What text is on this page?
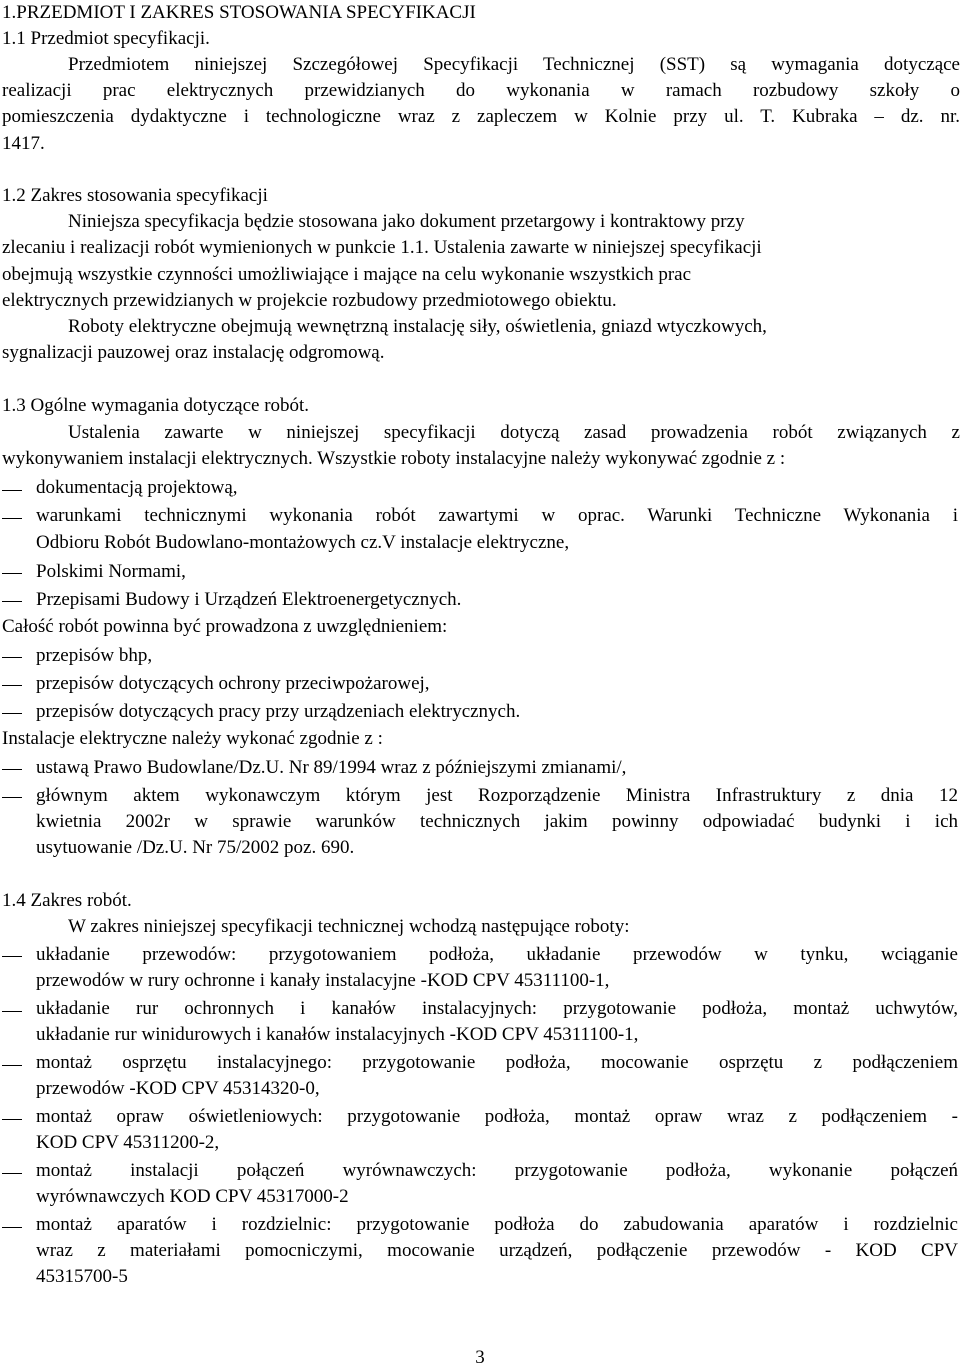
1.PRZEDMIOT I ZAKRES STOSOWANIA SPECYFIKACJI
1.1 Przedmiot specyfikacji.
Przedmiotem niniejszej Szczegółowej Specyfikacji Technicznej (SST) są wymagania dotyczące
realizacji prac elektrycznych przewidzianych do wykonania w ramach rozbudowy szkoły o
pomieszczenia dydaktyczne i technologiczne wraz z zapleczem w Kolnie przy ul. T. Kubraka – dz. nr.
1417.
1.2 Zakres stosowania specyfikacji
Niniejsza specyfikacja będzie stosowana jako dokument przetargowy i kontraktowy przy
zlecaniu i realizacji robót wymienionych w punkcie 1.1. Ustalenia zawarte w niniejszej specyfikacji
obejmują wszystkie czynności umożliwiające i mające na celu wykonanie wszystkich prac
elektrycznych przewidzianych w projekcie rozbudowy przedmiotowego obiektu.
Roboty elektryczne obejmują wewnętrzną instalację siły, oświetlenia, gniazd wtyczkowych,
sygnalizacji pauzowej oraz instalację odgromową.
1.3 Ogólne wymagania dotyczące robót.
Ustalenia zawarte w niniejszej specyfikacji dotyczą zasad prowadzenia robót związanych z
wykonywaniem instalacji elektrycznych. Wszystkie roboty instalacyjne należy wykonywać zgodnie z :
dokumentacją projektową,
warunkami technicznymi wykonania robót zawartymi w oprac. Warunki Techniczne Wykonania i
Odbioru Robót Budowlano-montażowych cz.V instalacje elektryczne,
Polskimi Normami,
Przepisami Budowy i Urządzeń Elektroenergetycznych.
Całość robót powinna być prowadzona z uwzględnieniem:
przepisów bhp,
przepisów dotyczących ochrony przeciwpożarowej,
przepisów dotyczących pracy przy urządzeniach elektrycznych.
Instalacje elektryczne należy wykonać zgodnie z :
ustawą Prawo Budowlane/Dz.U. Nr 89/1994 wraz z późniejszymi zmianami/,
głównym aktem wykonawczym którym jest Rozporządzenie Ministra Infrastruktury z dnia 12
kwietnia 2002r w sprawie warunków technicznych jakim powinny odpowiadać budynki i ich
usytuowanie /Dz.U. Nr 75/2002 poz. 690.
1.4 Zakres robót.
W zakres niniejszej specyfikacji technicznej wchodzą następujące roboty:
układanie przewodów: przygotowaniem podłoża, układanie przewodów w tynku, wciąganie
przewodów w rury ochronne i kanały instalacyjne -KOD CPV 45311100-1,
układanie rur ochronnych i kanałów instalacyjnych: przygotowanie podłoża, montaż uchwytów,
układanie rur winidurowych i kanałów instalacyjnych -KOD CPV 45311100-1,
montaż osprzętu instalacyjnego: przygotowanie podłoża, mocowanie osprzętu z podłączeniem
przewodów -KOD CPV 45314320-0,
montaż opraw oświetleniowych: przygotowanie podłoża, montaż opraw wraz z podłączeniem -
KOD CPV 45311200-2,
montaż instalacji połączeń wyrównawczych: przygotowanie podłoża, wykonanie połączeń
wyrównawczych KOD CPV 45317000-2
montaż aparatów i rozdzielnic: przygotowanie podłoża do zabudowania aparatów i rozdzielnic
wraz z materiałami pomocniczymi, mocowanie urządzeń, podłączenie przewodów - KOD CPV
45315700-5
3
